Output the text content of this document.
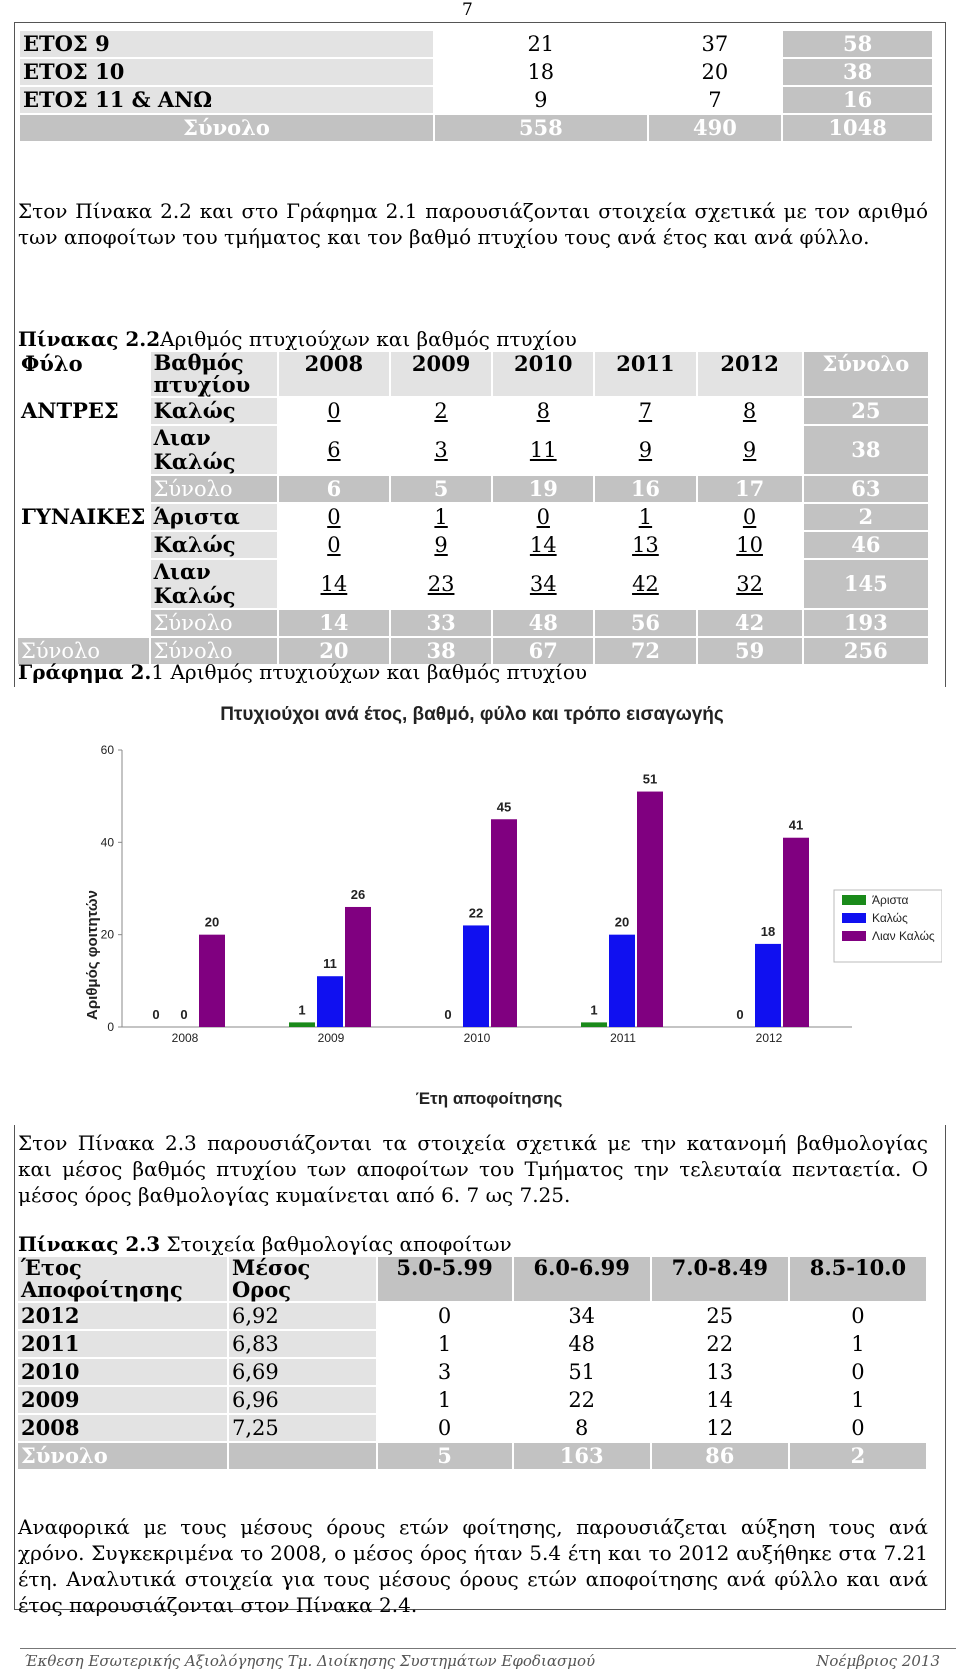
7
ΕΤΟΣ 9	21	37	58
ΕΤΟΣ 10	18	20	38
ΕΤΟΣ 11 & ΑΝΩ	9	7	16
Σύνολο	558	490	1048

Στον Πίνακα 2.2 και στο Γράφημα 2.1 παρουσιάζονται στοιχεία σχετικά με τον αριθμό των αποφοίτων του τμήματος και τον βαθμό πτυχίου τους ανά έτος και ανά φύλλο.

Πίνακας 2.2Αριθμός πτυχιούχων και βαθμός πτυχίου
Φύλο	Βαθμός πτυχίου	2008	2009	2010	2011	2012	Σύνολο
ΑΝΤΡΕΣ	Καλώς	0	2	8	7	8	25
	Λιαν Καλώς	6	3	11	9	9	38
	Σύνολο	6	5	19	16	17	63
ΓΥΝΑΙΚΕΣ	Άριστα	0	1	0	1	0	2
	Καλώς	0	9	14	13	10	46
	Λιαν Καλώς	14	23	34	42	32	145
	Σύνολο	14	33	48	56	42	193
Σύνολο	Σύνολο	20	38	67	72	59	256
Γράφημα 2.1 Αριθμός πτυχιούχων και βαθμός πτυχίου
Πτυχιούχοι ανά έτος, βαθμό, φύλο και τρόπο εισαγωγής
0
20
40
60
2008
0 0
20
2009
1
11
26
2010
0
22
45
2011
1
20
51
2012
0
18
41
Έτη αποφοίτησης
Αριθμός φοιτητών	Άριστα
Καλώς
Λιαν Καλώς

Στον Πίνακα 2.3 παρουσιάζονται τα στοιχεία σχετικά με την κατανομή βαθμολογίας και μέσος βαθμός πτυχίου των αποφοίτων του Τμήματος την τελευταία πενταετία. Ο μέσος όρος βαθμολογίας κυμαίνεται από 6. 7 ως 7.25.

Πίνακας 2.3 Στοιχεία βαθμολογίας αποφοίτων
Έτος Αποφοίτησης	Μέσος Ορος	5.0-5.99	6.0-6.99	7.0-8.49	8.5-10.0
2012	6,92	0	34	25	0
2011	6,83	1	48	22	1
2010	6,69	3	51	13	0
2009	6,96	1	22	14	1
2008	7,25	0	8	12	0
Σύνολο		5	163	86	2

Αναφορικά με τους μέσους όρους ετών φοίτησης, παρουσιάζεται αύξηση τους ανά χρόνο. Συγκεκριμένα το 2008, ο μέσος όρος ήταν 5.4 έτη και το 2012 αυξήθηκε στα 7.21 έτη. Αναλυτικά στοιχεία για τους μέσους όρους ετών αποφοίτησης ανά φύλλο και ανά έτος παρουσιάζονται στον Πίνακα 2.4.

Έκθεση Εσωτερικής Αξιολόγησης Τμ. Διοίκησης Συστημάτων Εφοδιασμού	Νοέμβριος 2013
